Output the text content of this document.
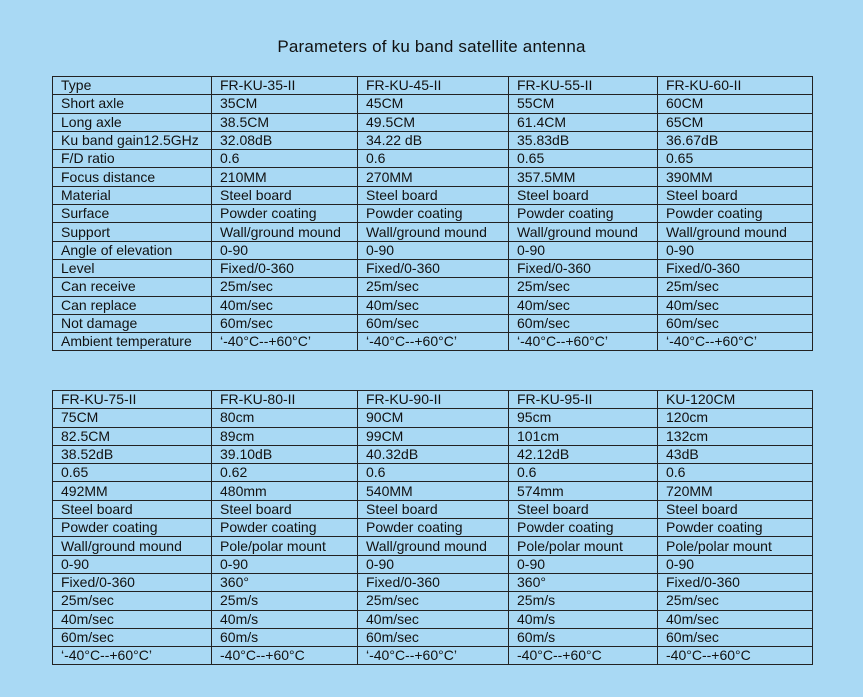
Parameters of ku band satellite antenna
Type	FR-KU-35-II	FR-KU-45-II	FR-KU-55-II	FR-KU-60-II
Short axle	35CM	45CM	55CM	60CM
Long axle	38.5CM	49.5CM	61.4CM	65CM
Ku band gain12.5GHz	32.08dB	34.22 dB	35.83dB	36.67dB
F/D ratio	0.6	0.6	0.65	0.65
Focus distance	210MM	270MM	357.5MM	390MM
Material	Steel board	Steel board	Steel board	Steel board
Surface	Powder coating	Powder coating	Powder coating	Powder coating
Support	Wall/ground mound	Wall/ground mound	Wall/ground mound	Wall/ground mound
Angle of elevation	0-90	0-90	0-90	0-90
Level	Fixed/0-360	Fixed/0-360	Fixed/0-360	Fixed/0-360
Can receive	25m/sec	25m/sec	25m/sec	25m/sec
Can replace	40m/sec	40m/sec	40m/sec	40m/sec
Not damage	60m/sec	60m/sec	60m/sec	60m/sec
Ambient temperature	‘-40°C--+60°C’	‘-40°C--+60°C’	‘-40°C--+60°C’	‘-40°C--+60°C’
FR-KU-75-II	FR-KU-80-II	FR-KU-90-II	FR-KU-95-II	KU-120CM
75CM	80cm	90CM	95cm	120cm
82.5CM	89cm	99CM	101cm	132cm
38.52dB	39.10dB	40.32dB	42.12dB	43dB
0.65	0.62	0.6	0.6	0.6
492MM	480mm	540MM	574mm	720MM
Steel board	Steel board	Steel board	Steel board	Steel board
Powder coating	Powder coating	Powder coating	Powder coating	Powder coating
Wall/ground mound	Pole/polar mount	Wall/ground mound	Pole/polar mount	Pole/polar mount
0-90	0-90	0-90	0-90	0-90
Fixed/0-360	360°	Fixed/0-360	360°	Fixed/0-360
25m/sec	25m/s	25m/sec	25m/s	25m/sec
40m/sec	40m/s	40m/sec	40m/s	40m/sec
60m/sec	60m/s	60m/sec	60m/s	60m/sec
‘-40°C--+60°C’	-40°C--+60°C	‘-40°C--+60°C’	-40°C--+60°C	-40°C--+60°C
